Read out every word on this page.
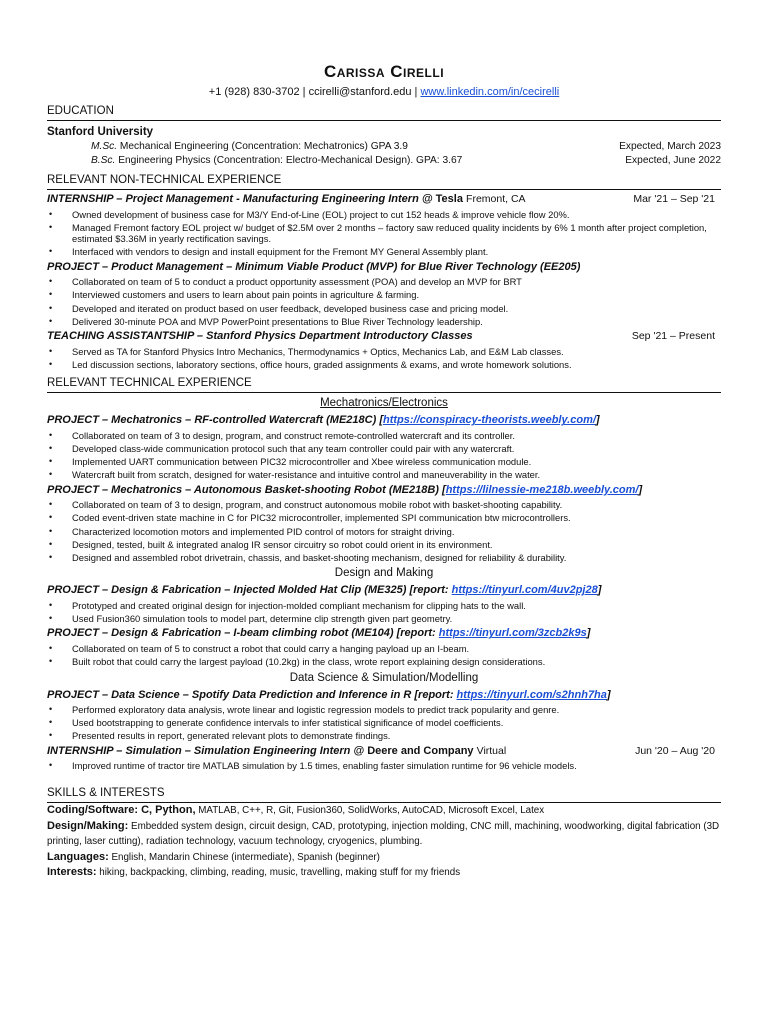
Carissa Cirelli
+1 (928) 830-3702 | ccirelli@stanford.edu | www.linkedin.com/in/cecirelli
EDUCATION
Stanford University
M.Sc. Mechanical Engineering (Concentration: Mechatronics) GPA 3.9	Expected, March 2023
B.Sc. Engineering Physics (Concentration: Electro-Mechanical Design). GPA: 3.67	Expected, June 2022
RELEVANT NON-TECHNICAL EXPERIENCE
INTERNSHIP – Project Management - Manufacturing Engineering Intern @ Tesla Fremont, CA	Mar '21 – Sep '21
• Owned development of business case for M3/Y End-of-Line (EOL) project to cut 152 heads & improve vehicle flow 20%.
• Managed Fremont factory EOL project w/ budget of $2.5M over 2 months – factory saw reduced quality incidents by 6% 1 month after project completion, estimated $3.36M in yearly rectification savings.
• Interfaced with vendors to design and install equipment for the Fremont MY General Assembly plant.
PROJECT – Product Management – Minimum Viable Product (MVP) for Blue River Technology (EE205)
• Collaborated on team of 5 to conduct a product opportunity assessment (POA) and develop an MVP for BRT
• Interviewed customers and users to learn about pain points in agriculture & farming.
• Developed and iterated on product based on user feedback, developed business case and pricing model.
• Delivered 30-minute POA and MVP PowerPoint presentations to Blue River Technology leadership.
TEACHING ASSISTANTSHIP – Stanford Physics Department Introductory Classes	Sep '21 – Present
• Served as TA for Stanford Physics Intro Mechanics, Thermodynamics + Optics, Mechanics Lab, and E&M Lab classes.
• Led discussion sections, laboratory sections, office hours, graded assignments & exams, and wrote homework solutions.
RELEVANT TECHNICAL EXPERIENCE
Mechatronics/Electronics
PROJECT – Mechatronics – RF-controlled Watercraft (ME218C) [https://conspiracy-theorists.weebly.com/]
• Collaborated on team of 3 to design, program, and construct remote-controlled watercraft and its controller.
• Developed class-wide communication protocol such that any team controller could pair with any watercraft.
• Implemented UART communication between PIC32 microcontroller and Xbee wireless communication module.
• Watercraft built from scratch, designed for water-resistance and intuitive control and maneuverability in the water.
PROJECT – Mechatronics – Autonomous Basket-shooting Robot (ME218B) [https://lilnessie-me218b.weebly.com/]
• Collaborated on team of 3 to design, program, and construct autonomous mobile robot with basket-shooting capability.
• Coded event-driven state machine in C for PIC32 microcontroller, implemented SPI communication btw microcontrollers.
• Characterized locomotion motors and implemented PID control of motors for straight driving.
• Designed, tested, built & integrated analog IR sensor circuitry so robot could orient in its environment.
• Designed and assembled robot drivetrain, chassis, and basket-shooting mechanism, designed for reliability & durability.
Design and Making
PROJECT – Design & Fabrication – Injected Molded Hat Clip (ME325) [report: https://tinyurl.com/4uv2pj28]
• Prototyped and created original design for injection-molded compliant mechanism for clipping hats to the wall.
• Used Fusion360 simulation tools to model part, determine clip strength given part geometry.
PROJECT – Design & Fabrication – I-beam climbing robot (ME104) [report: https://tinyurl.com/3zcb2k9s]
• Collaborated on team of 5 to construct a robot that could carry a hanging payload up an I-beam.
• Built robot that could carry the largest payload (10.2kg) in the class, wrote report explaining design considerations.
Data Science & Simulation/Modelling
PROJECT – Data Science – Spotify Data Prediction and Inference in R [report: https://tinyurl.com/s2hnh7ha]
• Performed exploratory data analysis, wrote linear and logistic regression models to predict track popularity and genre.
• Used bootstrapping to generate confidence intervals to infer statistical significance of model coefficients.
• Presented results in report, generated relevant plots to demonstrate findings.
INTERNSHIP – Simulation – Simulation Engineering Intern @ Deere and Company Virtual	Jun '20 – Aug '20
• Improved runtime of tractor tire MATLAB simulation by 1.5 times, enabling faster simulation runtime for 96 vehicle models.
SKILLS & INTERESTS
Coding/Software: C, Python, MATLAB, C++, R, Git, Fusion360, SolidWorks, AutoCAD, Microsoft Excel, Latex
Design/Making: Embedded system design, circuit design, CAD, prototyping, injection molding, CNC mill, machining, woodworking, digital fabrication (3D printing, laser cutting), radiation technology, vacuum technology, cryogenics, plumbing.
Languages: English, Mandarin Chinese (intermediate), Spanish (beginner)
Interests: hiking, backpacking, climbing, reading, music, travelling, making stuff for my friends
